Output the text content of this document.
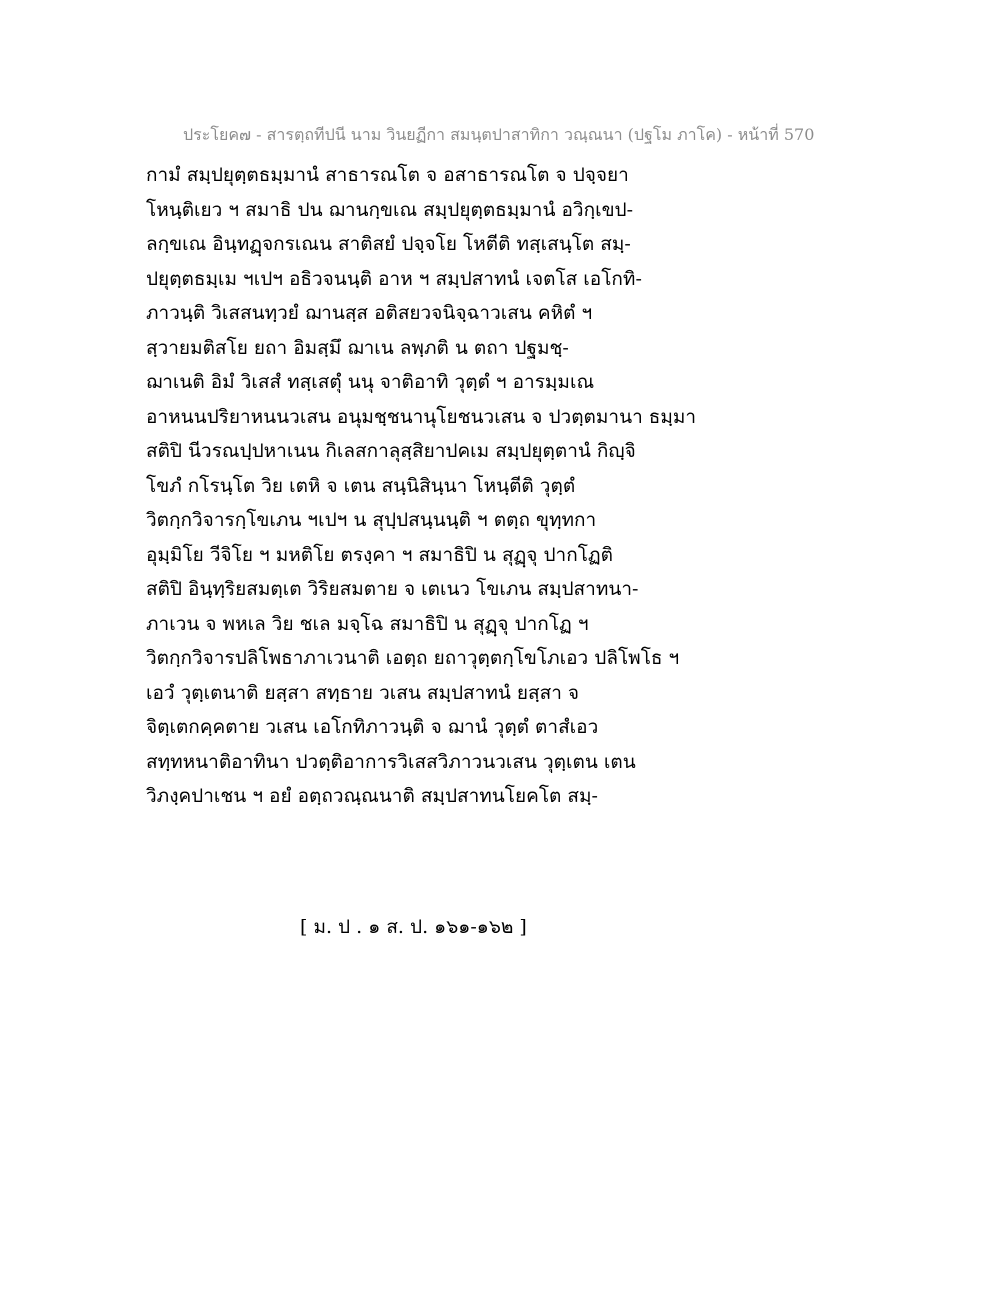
ประโยค๗ - สารตฺถทีปนี นาม วินยฏีกา สมนฺตปาสาทิกา วณฺณนา (ปฐโม ภาโค) - หน้าที่ 570
กามํ สมฺปยุตฺตธมฺมานํ สาธารณโต จ อสาธารณโต จ ปจฺจยา
โหนฺติเยว ฯ สมาธิ ปน ฌานกฺขเณ สมฺปยุตฺตธมฺมานํ อวิกฺเขป-
ลกฺขเณ อินฺทฏฺจกรเณน สาติสยํ ปจฺจโย โหตีติ ทสฺเสนฺโต สมฺ-
ปยุตฺตธมฺเม ฯเปฯ อธิวจนนฺติ อาห ฯ สมฺปสาทนํ เจตโส เอโกทิ-
ภาวนฺติ วิเสสนทฺวยํ ฌานสฺส อติสยวจนิจฺฉาวเสน คหิตํ ฯ
สฺวายมติสโย ยถา อิมสฺมึ ฌาเน ลพฺภติ น ตถา ปฐมชฺ-
ฌาเนติ อิมํ วิเสสํ ทสฺเสตุํ นนุ จาติอาทิ วุตฺตํ ฯ อารมฺมเณ
อาหนนปริยาหนนวเสน อนุมชฺชนานุโยชนวเสน จ ปวตฺตมานา ธมฺมา
สติปิ นีวรณปฺปหาเนน กิเลสกาลุสฺสิยาปคเม สมฺปยุตฺตานํ กิญฺจิ
โขภํ กโรนฺโต วิย เตหิ จ เตน สนฺนิสินฺนา โหนฺตีติ วุตฺตํ
วิตกฺกวิจารกฺโขเภน ฯเปฯ น สุปฺปสนฺนนฺติ ฯ ตตฺถ ขุทฺทกา
อุมฺมิโย วีจิโย ฯ มหติโย ตรงฺคา ฯ สมาธิปิ น สุฏฺจุ ปากโฏติ
สติปิ อินฺทฺริยสมตฺเต วิริยสมตาย จ เตเนว โขเภน สมฺปสาทนา-
ภาเวน จ พหเล วิย ชเล มจฺโฉ สมาธิปิ น สุฏฺจุ ปากโฏ ฯ
วิตกฺกวิจารปลิโพธาภาเวนาติ เอตฺถ ยถาวุตฺตกฺโขโภเอว ปลิโพโธ ฯ
เอวํ วุตฺเตนาติ ยสฺสา สทฺธาย วเสน สมฺปสาทนํ ยสฺสา จ
จิตฺเตกคฺคตาย วเสน เอโกทิภาวนฺติ จ ฌานํ วุตฺตํ ตาสํเอว
สทฺทหนาติอาทินา ปวตฺติอาการวิเสสวิภาวนวเสน วุตฺเตน เตน
วิภงฺคปาเชน ฯ อยํ อตฺถวณฺณนาติ สมฺปสาทนโยคโต สมฺ-
[ ม. ป . ๑ ส. ป. ๑๖๑-๑๖๒ ]
